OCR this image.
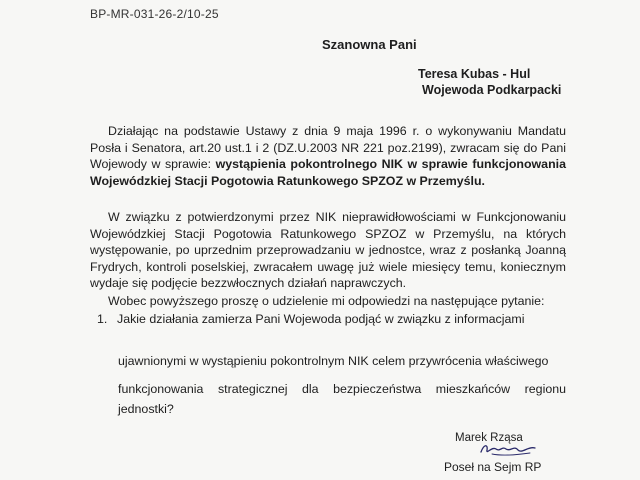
BP-MR-031-26-2/10-25
Szanowna Pani
Teresa Kubas - Hul
Wojewoda Podkarpacki
Działając na podstawie Ustawy z dnia 9 maja 1996 r. o wykonywaniu Mandatu Posła i Senatora, art.20 ust.1 i 2 (DZ.U.2003 NR 221 poz.2199), zwracam się do Pani Wojewody w sprawie: wystąpienia pokontrolnego NIK w sprawie funkcjonowania Wojewódzkiej Stacji Pogotowia Ratunkowego SPZOZ w Przemyślu.
W związku z potwierdzonymi przez NIK nieprawidłowościami w Funkcjonowaniu Wojewódzkiej Stacji Pogotowia Ratunkowego SPZOZ w Przemyślu, na których występowanie, po uprzednim przeprowadzaniu w jednostce, wraz z posłanką Joanną Frydrych, kontroli poselskiej, zwracałem uwagę już wiele miesięcy temu, koniecznym wydaje się podjęcie bezzwłocznych działań naprawczych.
Wobec powyższego proszę o udzielenie mi odpowiedzi na następujące pytanie:
1. Jakie działania zamierza Pani Wojewoda podjąć w związku z informacjami
ujawnionymi w wystąpieniu pokontrolnym NIK celem przywrócenia właściwego
funkcjonowania strategicznej dla bezpieczeństwa mieszkańców regionu
jednostki?
Marek Rząsa
Poseł na Sejm RP
